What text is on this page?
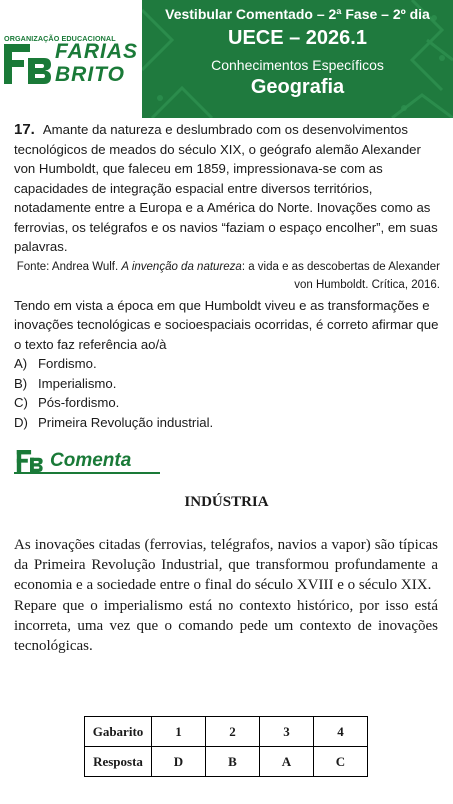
ORGANIZAÇÃO EDUCACIONAL
FARIAS
BRITO
Vestibular Comentado – 2ª Fase – 2º dia
UECE – 2026.1
Conhecimentos Específicos
Geografia
17. Amante da natureza e deslumbrado com os desenvolvimentos tecnológicos de meados do século XIX, o geógrafo alemão Alexander von Humboldt, que faleceu em 1859, impressionava-se com as capacidades de integração espacial entre diversos territórios, notadamente entre a Europa e a América do Norte. Inovações como as ferrovias, os telégrafos e os navios “faziam o espaço encolher”, em suas palavras.
Fonte: Andrea Wulf. A invenção da natureza: a vida e as descobertas de Alexander von Humboldt. Crítica, 2016.
Tendo em vista a época em que Humboldt viveu e as transformações e inovações tecnológicas e socioespaciais ocorridas, é correto afirmar que o texto faz referência ao/à
A) Fordismo.
B) Imperialismo.
C) Pós-fordismo.
D) Primeira Revolução industrial.
Comenta
INDÚSTRIA

As inovações citadas (ferrovias, telégrafos, navios a vapor) são típicas da Primeira Revolução Industrial, que transformou profundamente a economia e a sociedade entre o final do século XVIII e o século XIX.

Repare que o imperialismo está no contexto histórico, por isso está incorreta, uma vez que o comando pede um contexto de inovações tecnológicas.

Gabarito	1	2	3	4
Resposta	D	B	A	C
